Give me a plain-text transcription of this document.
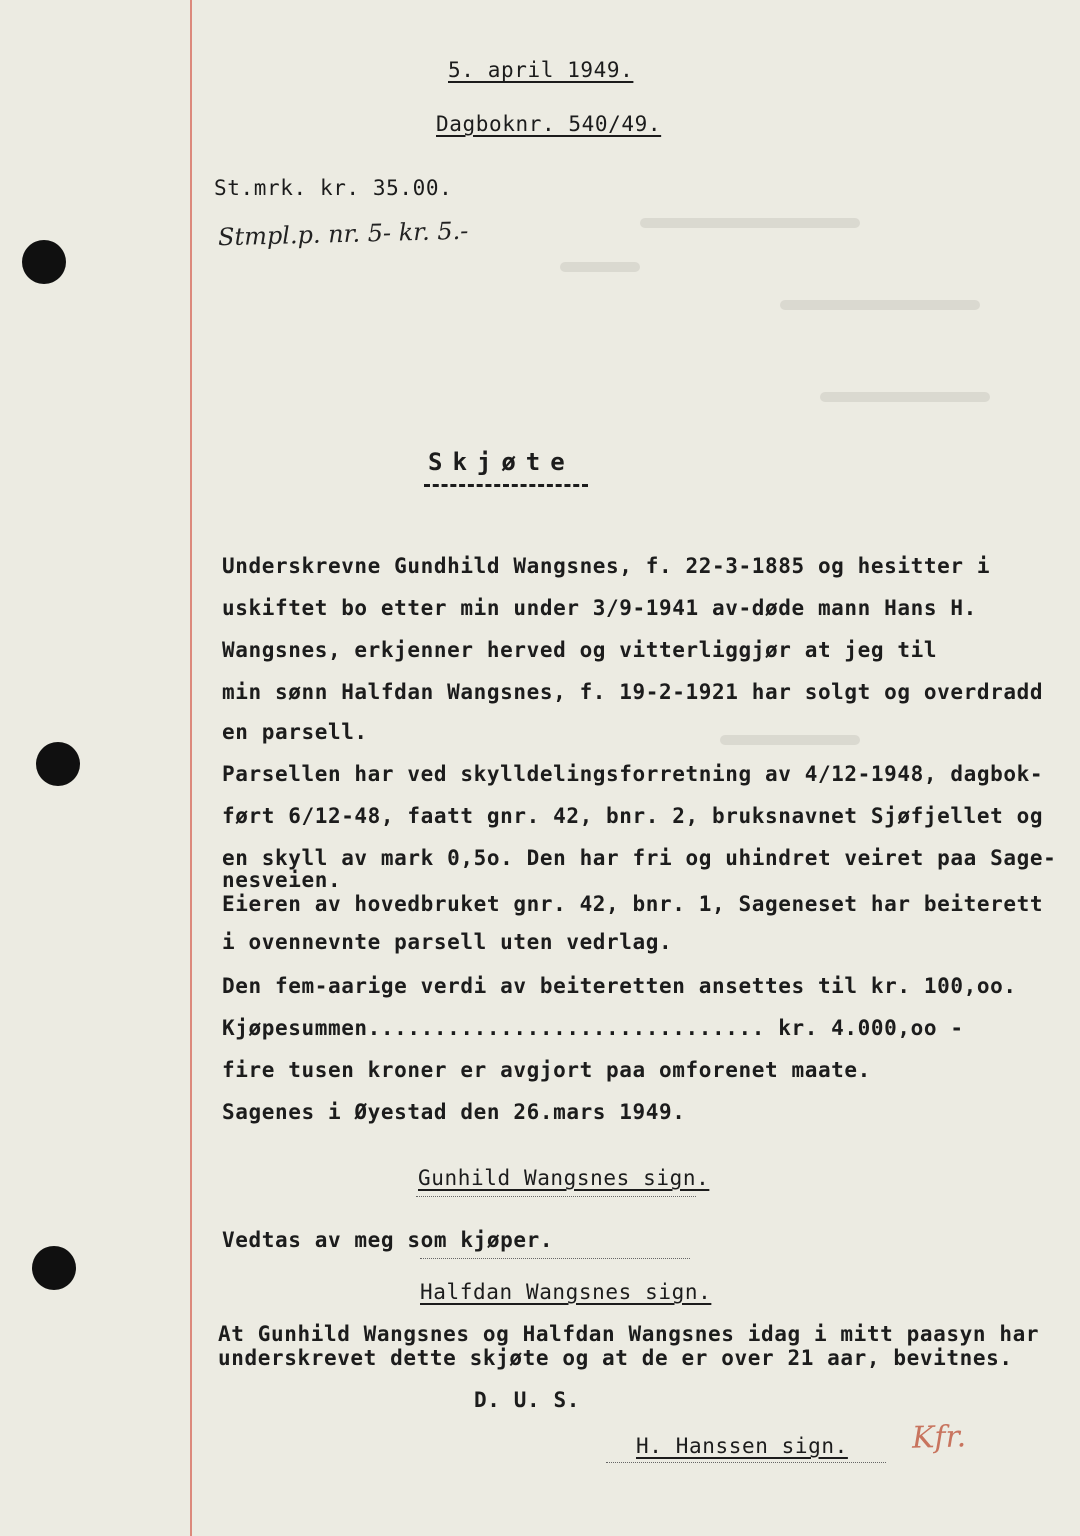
5. april 1949.
Dagboknr. 540/49.
St.mrk. kr. 35.00.
Stmpl.p. nr. 5- kr. 5.-
Skjøte
Underskrevne Gundhild Wangsnes, f. 22-3-1885 og hesitter i
uskiftet bo etter min under 3/9-1941 av-døde mann Hans H.
Wangsnes, erkjenner herved og vitterliggjør at jeg til
min sønn Halfdan Wangsnes, f. 19-2-1921 har solgt og overdradd
en parsell.
Parsellen har ved skylldelingsforretning av 4/12-1948, dagbok-
ført 6/12-48, faatt gnr. 42, bnr. 2, bruksnavnet Sjøfjellet og
en skyll av mark 0,5o. Den har fri og uhindret veiret paa Sage-
nesveien.
Eieren av hovedbruket gnr. 42, bnr. 1, Sageneset har beiterett
i ovennevnte parsell uten vedrlag.
Den fem-aarige verdi av beiteretten ansettes til kr. 100,oo.
Kjøpesummen.............................. kr. 4.000,oo -
fire tusen kroner er avgjort paa omforenet maate.
Sagenes i Øyestad den 26.mars 1949.
Gunhild Wangsnes sign.
Vedtas av meg som kjøper.
Halfdan Wangsnes sign.
At Gunhild Wangsnes og Halfdan Wangsnes idag i mitt paasyn har
underskrevet dette skjøte og at de er over 21 aar, bevitnes.
D. U. S.
H. Hanssen sign. Kfr.
